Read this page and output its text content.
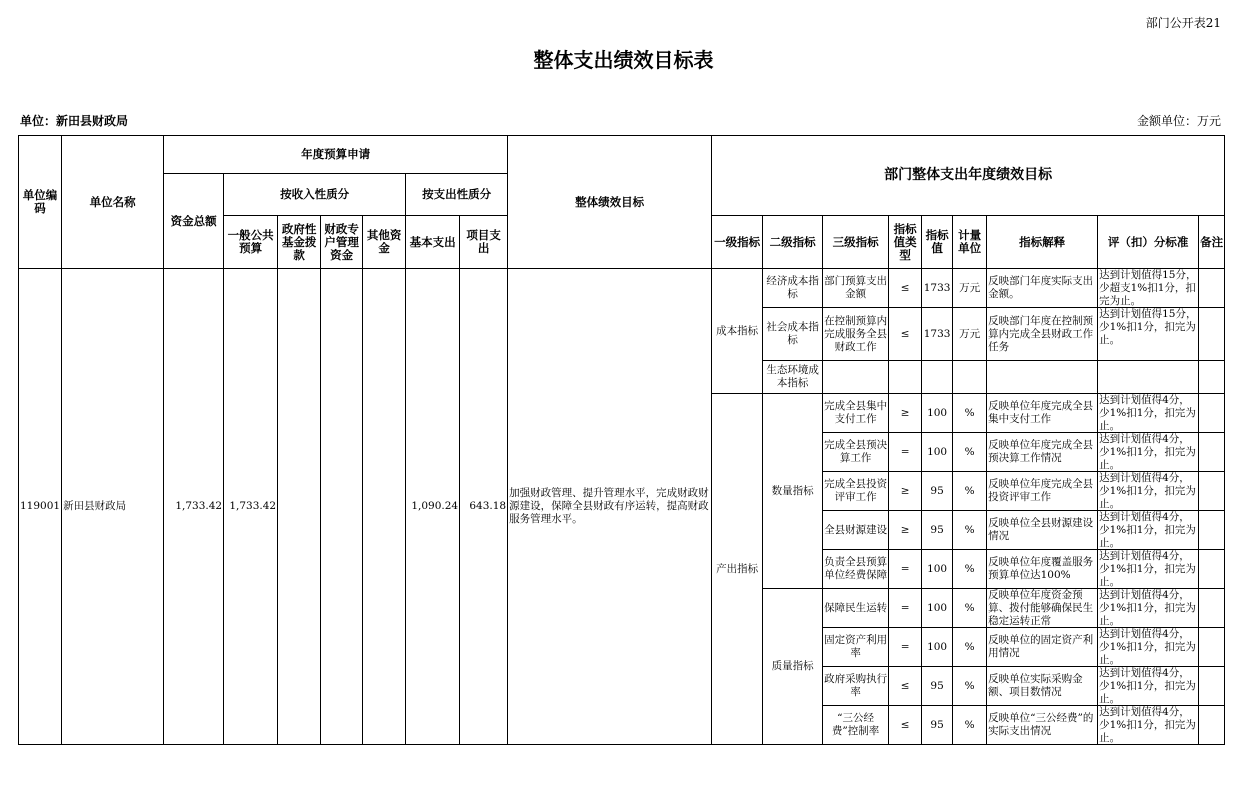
部门公开表21
整体支出绩效目标表
单位：新田县财政局	金额单位：万元
单位编码	单位名称	年度预算申请							整体绩效目标	部门整体支出年度绩效目标								
		资金总额	按收入性质分				按支出性质分											
			一般公共预算	政府性基金拨款	财政专户管理资金	其他资金	基本支出	项目支出		一级指标	二级指标	三级指标	指标值类型	指标值	计量单位	指标解释	评（扣）分标准	备注
119001	新田县财政局	1,733.42	1,733.42				1,090.24	643.18	加强财政管理、提升管理水平，完成财政财源建设，保障全县财政有序运转，提高财政服务管理水平。	成本指标	经济成本指标	部门预算支出金额	≤	1733	万元	反映部门年度实际支出金额。	达到计划值得15分，少超支1%扣1分，扣完为止。	

											社会成本指标	在控制预算内完成服务全县财政工作	≤	1733	万元	反映部门年度在控制预算内完成全县财政工作任务	达到计划值得15分，少1%扣1分，扣完为止。	
											生态环境成本指标							
										产出指标	数量指标	完成全县集中支付工作	≥	100	%	反映单位年度完成全县集中支付工作	达到计划值得4分，少1%扣1分，扣完为止。	

												完成全县预决算工作	=	100	%	反映单位年度完成全县预决算工作情况	达到计划值得4分，少1%扣1分，扣完为止。	

												完成全县投资评审工作	≥	95	%	反映单位年度完成全县投资评审工作	达到计划值得4分，少1%扣1分，扣完为止。	

												全县财源建设	≥	95	%	反映单位全县财源建设情况	达到计划值得4分，少1%扣1分，扣完为止。	

												负责全县预算单位经费保障	=	100	%	反映单位年度覆盖服务预算单位达100%	达到计划值得4分，少1%扣1分，扣完为止。	

											质量指标	保障民生运转	=	100	%	反映单位年度资金预算、拨付能够确保民生稳定运转正常	达到计划值得4分，少1%扣1分，扣完为止。	

												固定资产利用率	=	100	%	反映单位的固定资产利用情况	达到计划值得4分，少1%扣1分，扣完为止。	

												政府采购执行率	≤	95	%	反映单位实际采购金额、项目数情况	达到计划值得4分，少1%扣1分，扣完为止。	

												“三公经费”控制率	≤	95	%	反映单位“三公经费”的实际支出情况	达到计划值得4分，少1%扣1分，扣完为止。	
